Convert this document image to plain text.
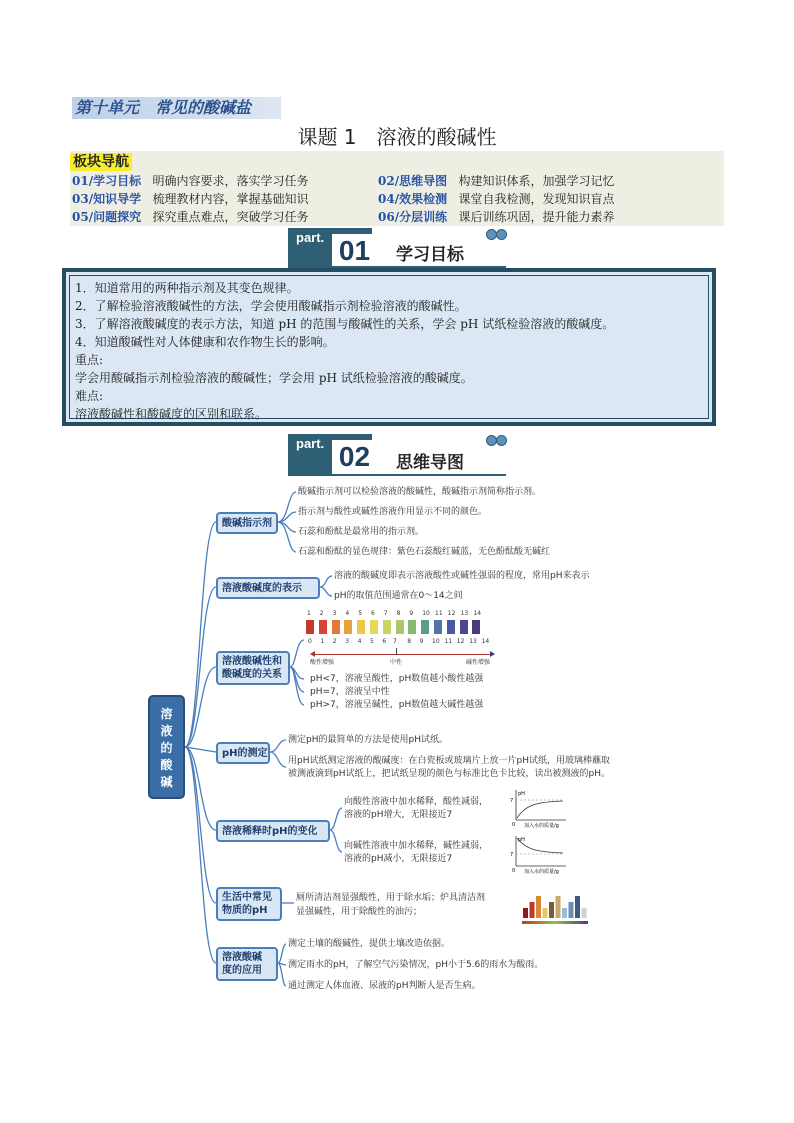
第十单元　常见的酸碱盐
课题 1　溶液的酸碱性
板块导航
01/学习目标 明确内容要求，落实学习任务	02/思维导图 构建知识体系，加强学习记忆
03/知识导学 梳理教材内容，掌握基础知识	04/效果检测 课堂自我检测，发现知识盲点
05/问题探究 探究重点难点，突破学习任务	06/分层训练 课后训练巩固，提升能力素养
part. 01	学习目标
1．知道常用的两种指示剂及其变色规律。
2．了解检验溶液酸碱性的方法，学会使用酸碱指示剂检验溶液的酸碱性。
3．了解溶液酸碱度的表示方法，知道 pH 的范围与酸碱性的关系，学会 pH 试纸检验溶液的酸碱度。
4．知道酸碱性对人体健康和农作物生长的影响。
重点:
学会用酸碱指示剂检验溶液的酸碱性；学会用 pH 试纸检验溶液的酸碱度。
难点:
溶液酸碱性和酸碱度的区别和联系。
part. 02	思维导图
溶
液
的
酸
碱
酸碱指示剂
溶液酸碱度的表示
溶液酸碱性和
酸碱度的关系
pH的测定
溶液稀释时pH的变化
生活中常见
物质的pH
溶液酸碱
度的应用
酸碱指示剂可以检验溶液的酸碱性，酸碱指示剂简称指示剂。
指示剂与酸性或碱性溶液作用显示不同的颜色。
石蕊和酚酞是最常用的指示剂。
石蕊和酚酞的显色规律：紫色石蕊酸红碱蓝，无色酚酞酸无碱红
溶液的酸碱度即表示溶液酸性或碱性强弱的程度，常用pH来表示
pH的取值范围通常在0～14之间
1 2 3 4 5 6 7 8 9 10 11 12 13 14
0 1 2 3 4 5 6	8 9 10 11 12 13 14
7
酸性增强	中性	碱性增强
pH<7，溶液呈酸性，pH数值越小酸性越强
pH=7，溶液呈中性
pH>7，溶液呈碱性，pH数值越大碱性越强
测定pH的最简单的方法是使用pH试纸。
用pH试纸测定溶液的酸碱度：在白瓷板或玻璃片上放一片pH试纸，用玻璃棒蘸取
被测液滴到pH试纸上，把试纸呈现的颜色与标准比色卡比较，读出被测液的pH。
向酸性溶液中加水稀释，酸性减弱，
溶液的pH增大，无限接近7
向碱性溶液中加水稀释，碱性减弱，
溶液的pH减小，无限接近7
pH
7
0 加入水的质量/g
pH
7
0 加入水的质量/g
厕所清洁剂显强酸性，用于除水垢；炉具清洁剂
显强碱性，用于除酸性的油污；
测定土壤的酸碱性，提供土壤改造依据。
测定雨水的pH，了解空气污染情况，pH小于5.6的雨水为酸雨。
通过测定人体血液、尿液的pH判断人是否生病。
